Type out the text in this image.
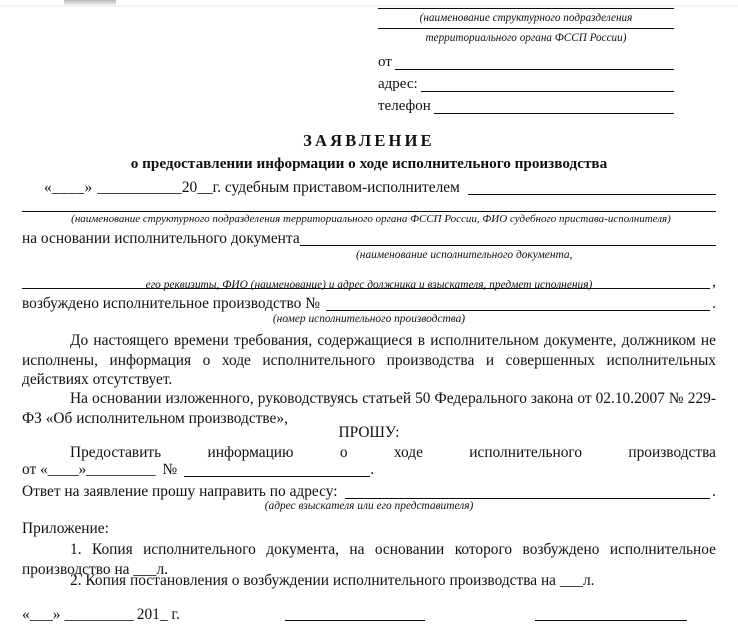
(наименование структурного подразделения
территориального органа ФССП России)
от
адрес:
телефон
ЗАЯВЛЕНИЕ
о предоставлении информации о ходе исполнительного производства
« ____ » ___________ 20 __ г. судебным приставом-исполнителем
(наименование структурного подразделения территориального органа ФССП России, ФИО судебного пристава-исполнителя)
на основании исполнительного документа
(наименование исполнительного документа,
,
его реквизиты, ФИО (наименование) и адрес должника и взыскателя, предмет исполнения)
возбуждено исполнительное производство №	.
(номер исполнительного производства)
До настоящего времени требования, содержащиеся в исполнительном документе, должником не исполнены, информация о ходе исполнительного производства и совершенных исполнительных действиях отсутствует.
На основании изложенного, руководствуясь статьей 50 Федерального закона от 02.10.2007 № 229-ФЗ «Об исполнительном производстве»,
ПРОШУ:
Предоставить информацию о ходе исполнительного производства
от « ____ » _________ №	.
Ответ на заявление прошу направить по адресу:	.
(адрес взыскателя или его представителя)
Приложение:
1. Копия исполнительного документа, на основании которого возбуждено исполнительное производство на ___л.
2. Копия постановления о возбуждении исполнительного производства на ___л.
« ___ » _________ 201_ г.
